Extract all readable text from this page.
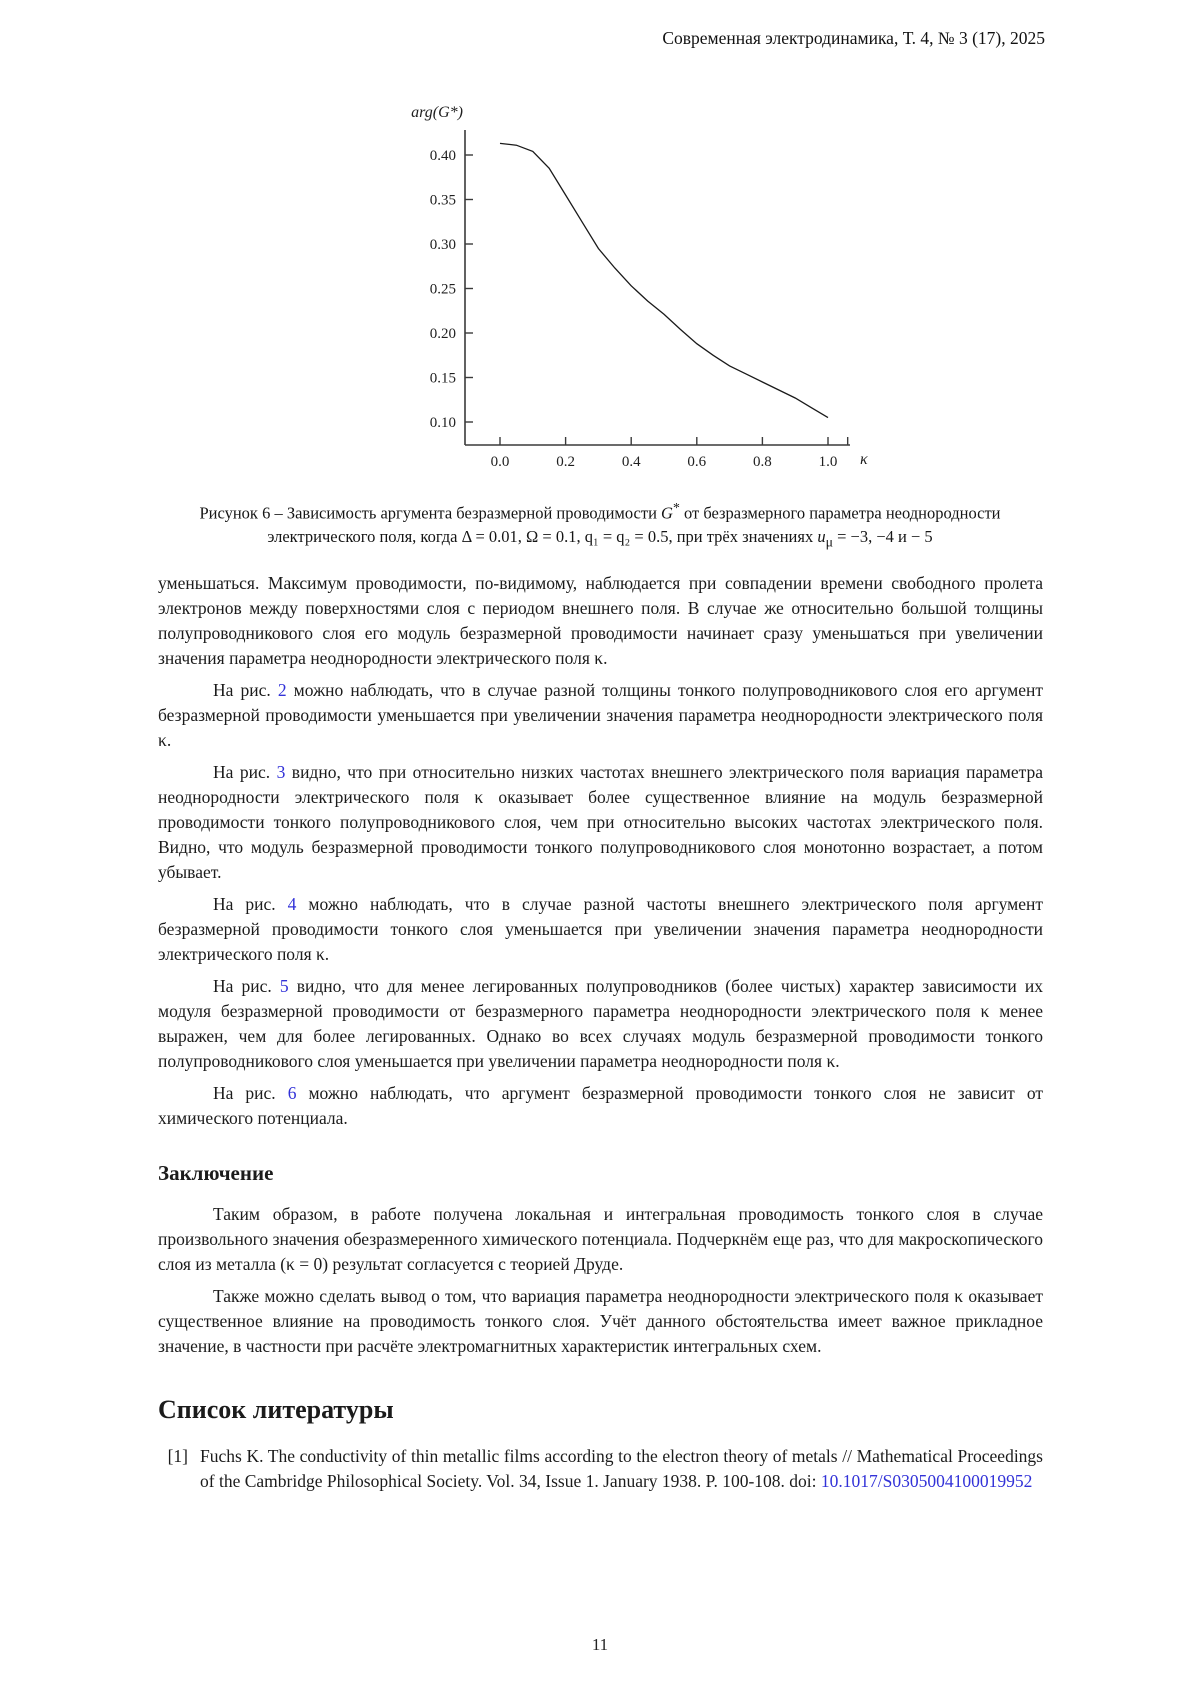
Современная электродинамика, Т. 4, № 3 (17), 2025
0.10
0.15
0.20
0.25
0.30
0.35
0.40
0.0	0.2	0.4	0.6	0.8	1.0
arg(G*)
κ
Рисунок 6 – Зависимость аргумента безразмерной проводимости G* от безразмерного параметра неоднородности
электрического поля, когда Δ = 0.01, Ω = 0.1, q₁ = q₂ = 0.5, при трёх значениях $u_\mu = -3$, −4 и − 5

уменьшаться. Максимум проводимости, по-видимому, наблюдается при совпадении времени свободного пролета электронов между поверхностями слоя с периодом внешнего поля. В случае же относительно большой толщины полупроводникового слоя его модуль безразмерной проводимости начинает сразу уменьшаться при увеличении значения параметра неоднородности электрического поля κ.

На рис. 2 можно наблюдать, что в случае разной толщины тонкого полупроводникового слоя его аргумент безразмерной проводимости уменьшается при увеличении значения параметра неоднородности электрического поля κ.

На рис. 3 видно, что при относительно низких частотах внешнего электрического поля вариация параметра неоднородности электрического поля κ оказывает более существенное влияние на модуль безразмерной проводимости тонкого полупроводникового слоя, чем при относительно высоких частотах электрического поля. Видно, что модуль безразмерной проводимости тонкого полупроводникового слоя монотонно возрастает, а потом убывает.

На рис. 4 можно наблюдать, что в случае разной частоты внешнего электрического поля аргумент безразмерной проводимости тонкого слоя уменьшается при увеличении значения параметра неоднородности электрического поля κ.

На рис. 5 видно, что для менее легированных полупроводников (более чистых) характер зависимости их модуля безразмерной проводимости от безразмерного параметра неоднородности электрического поля κ менее выражен, чем для более легированных. Однако во всех случаях модуль безразмерной проводимости тонкого полупроводникового слоя уменьшается при увеличении параметра неоднородности поля κ.

На рис. 6 можно наблюдать, что аргумент безразмерной проводимости тонкого слоя не зависит от химического потенциала.

Заключение

Таким образом, в работе получена локальная и интегральная проводимость тонкого слоя в случае произвольного значения обезразмеренного химического потенциала. Подчеркнём еще раз, что для макроскопического слоя из металла (κ = 0) результат согласуется с теорией Друде.

Также можно сделать вывод о том, что вариация параметра неоднородности электрического поля κ оказывает существенное влияние на проводимость тонкого слоя. Учёт данного обстоятельства имеет важное прикладное значение, в частности при расчёте электромагнитных характеристик интегральных схем.

Список литературы
[1] Fuchs K. The conductivity of thin metallic films according to the electron theory of metals // Mathematical Proceedings of the Cambridge Philosophical Society. Vol. 34, Issue 1. January 1938. P. 100-108. doi: 10.1017/S0305004100019952
11
